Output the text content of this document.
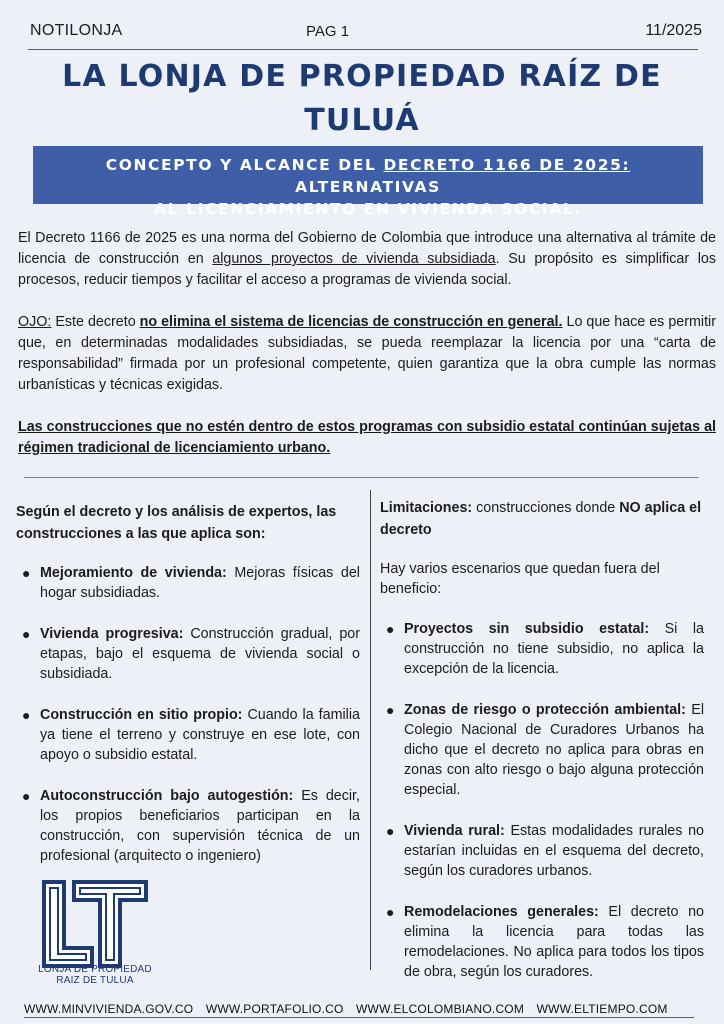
NOTILONJA	PAG 1	11/2025
LA LONJA DE PROPIEDAD RAÍZ DE
TULUÁ
CONCEPTO Y ALCANCE DEL DECRETO 1166 DE 2025: ALTERNATIVAS
AL LICENCIAMIENTO EN VIVIENDA SOCIAL.

El Decreto 1166 de 2025 es una norma del Gobierno de Colombia que introduce una alternativa al trámite de licencia de construcción en algunos proyectos de vivienda subsidiada. Su propósito es simplificar los procesos, reducir tiempos y facilitar el acceso a programas de vivienda social.

OJO: Este decreto no elimina el sistema de licencias de construcción en general. Lo que hace es permitir que, en determinadas modalidades subsidiadas, se pueda reemplazar la licencia por una “carta de responsabilidad” firmada por un profesional competente, quien garantiza que la obra cumple las normas urbanísticas y técnicas exigidas.

Las construcciones que no estén dentro de estos programas con subsidio estatal continúan sujetas al régimen tradicional de licenciamiento urbano.

Según el decreto y los análisis de expertos, las construcciones a las que aplica son:
● Mejoramiento de vivienda: Mejoras físicas del hogar subsidiadas.
● Vivienda progresiva: Construcción gradual, por etapas, bajo el esquema de vivienda social o subsidiada.
● Construcción en sitio propio: Cuando la familia ya tiene el terreno y construye en ese lote, con apoyo o subsidio estatal.
● Autoconstrucción bajo autogestión: Es decir, los propios beneficiarios participan en la construcción, con supervisión técnica de un profesional (arquitecto o ingeniero)
Limitaciones: construcciones donde NO aplica el decreto

Hay varios escenarios que quedan fuera del beneficio:

● Proyectos sin subsidio estatal: Si la construcción no tiene subsidio, no aplica la excepción de la licencia.
● Zonas de riesgo o protección ambiental: El Colegio Nacional de Curadores Urbanos ha dicho que el decreto no aplica para obras en zonas con alto riesgo o bajo alguna protección especial.
● Vivienda rural: Estas modalidades rurales no estarían incluidas en el esquema del decreto, según los curadores urbanos.
● Remodelaciones generales: El decreto no elimina la licencia para todas las remodelaciones. No aplica para todos los tipos de obra, según los curadores.
LONJA DE PROPIEDAD
RAIZ DE TULUA
WWW.MINVIVIENDA.GOV.CO WWW.PORTAFOLIO.CO WWW.ELCOLOMBIANO.COM WWW.ELTIEMPO.COM
